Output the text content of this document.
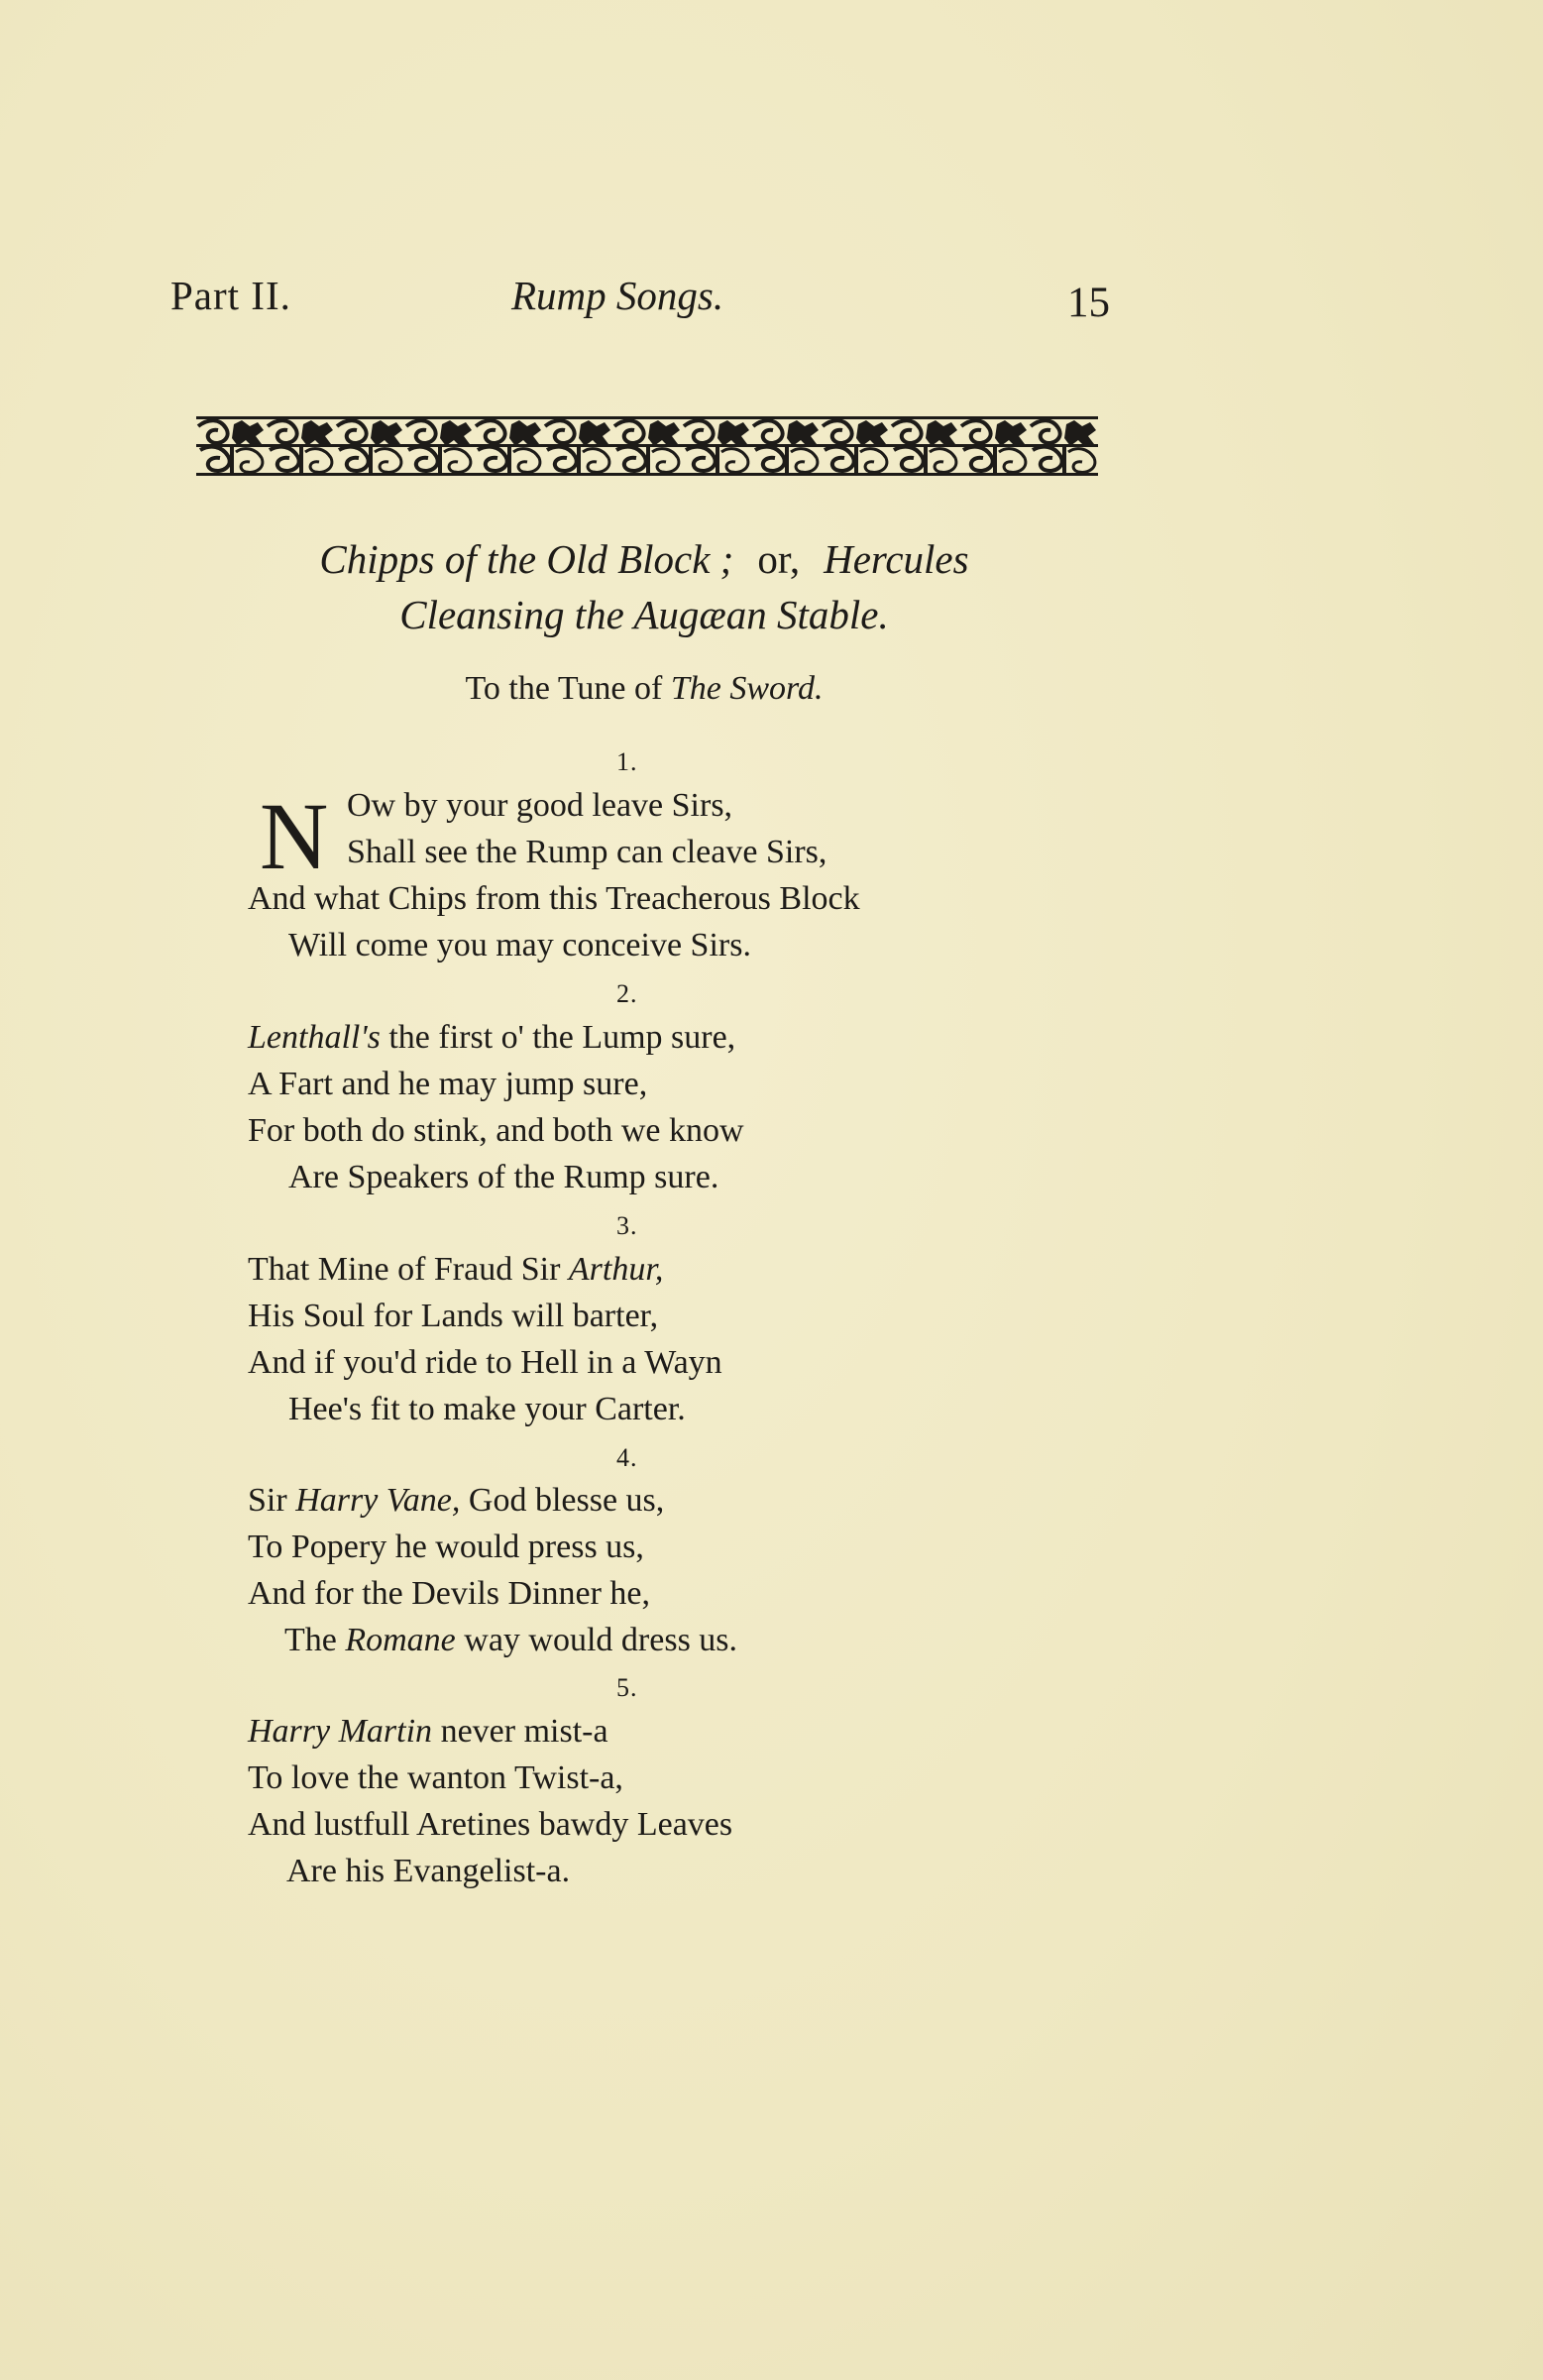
Part II.	Rump Songs.	15
Chipps of the Old Block ; or, Hercules
Cleansing the Augæan Stable.
To the Tune of The Sword.
1.
N Ow by your good leave Sirs,
Shall see the Rump can cleave Sirs,
And what Chips from this Treacherous Block
Will come you may conceive Sirs.
2.
Lenthall's the first o' the Lump sure,
A Fart and he may jump sure,
For both do stink, and both we know
Are Speakers of the Rump sure.
3.
That Mine of Fraud Sir Arthur,
His Soul for Lands will barter,
And if you'd ride to Hell in a Wayn
Hee's fit to make your Carter.
4.
Sir Harry Vane, God blesse us,
To Popery he would press us,
And for the Devils Dinner he,
The Romane way would dress us.
5.
Harry Martin never mist-a
To love the wanton Twist-a,
And lustfull Aretines bawdy Leaves
Are his Evangelist-a.
